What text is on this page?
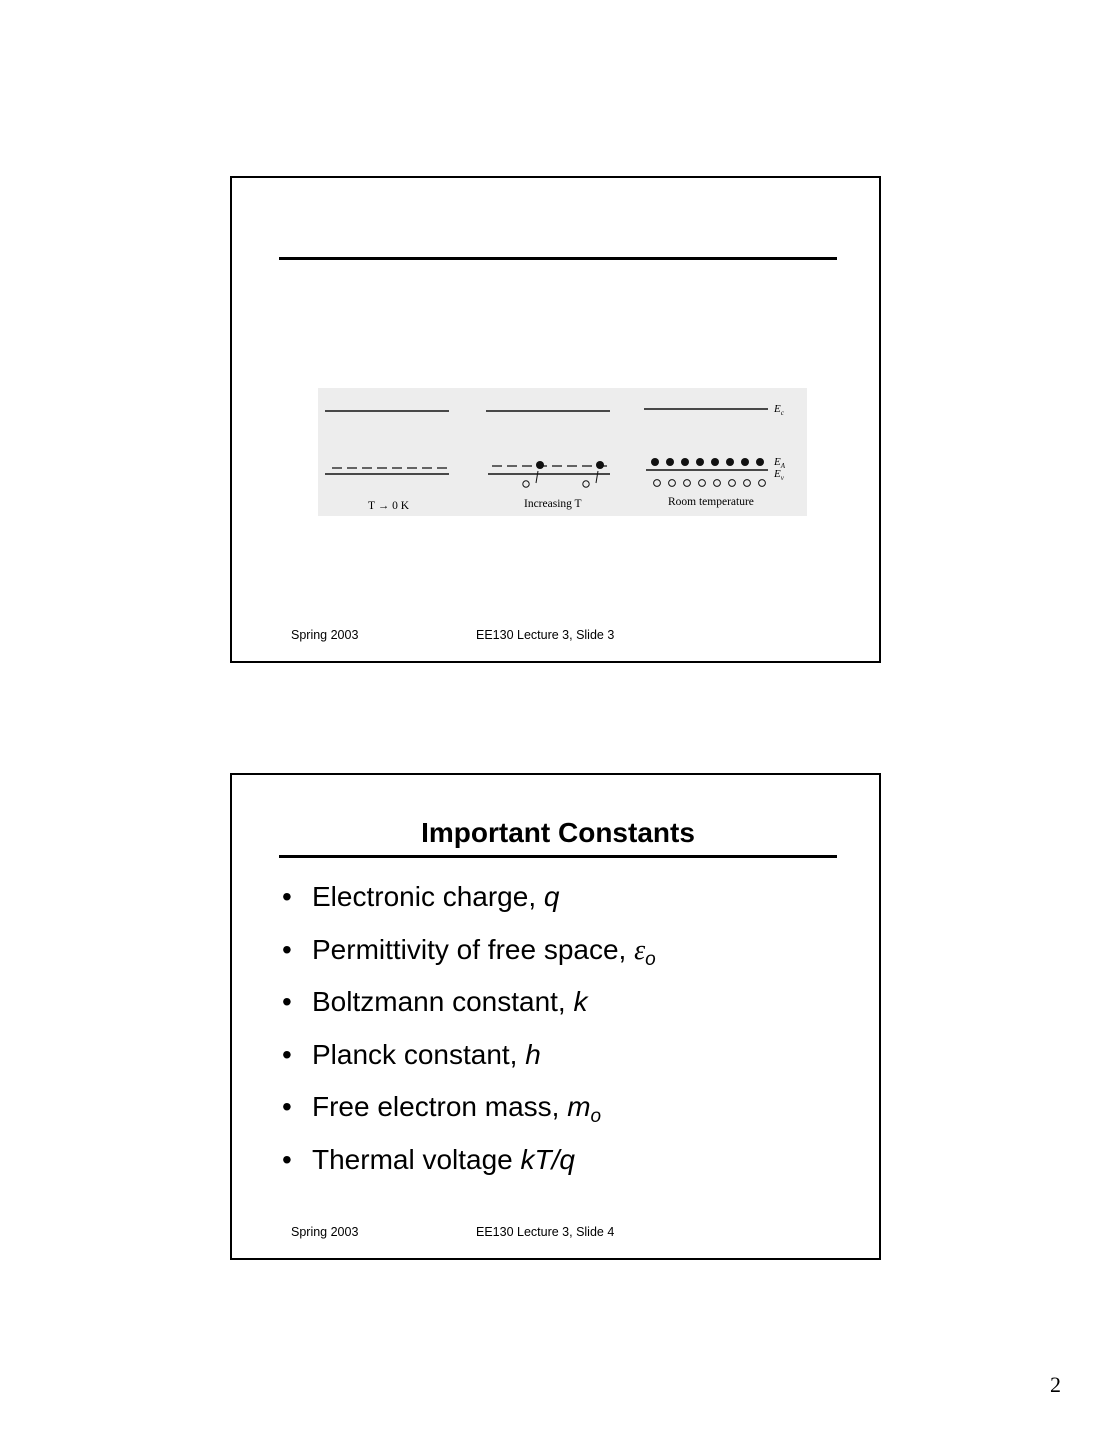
$E_c$
$E_A$
$E_v$
T → 0 K	Increasing T	Room temperature
Spring 2003	EE130 Lecture 3, Slide 3
Important Constants
• Electronic charge, q
• Permittivity of free space, $\varepsilon_o$
• Boltzmann constant, k
• Planck constant, h
• Free electron mass, $m_o$
• Thermal voltage kT/q
Spring 2003	EE130 Lecture 3, Slide 4
2
